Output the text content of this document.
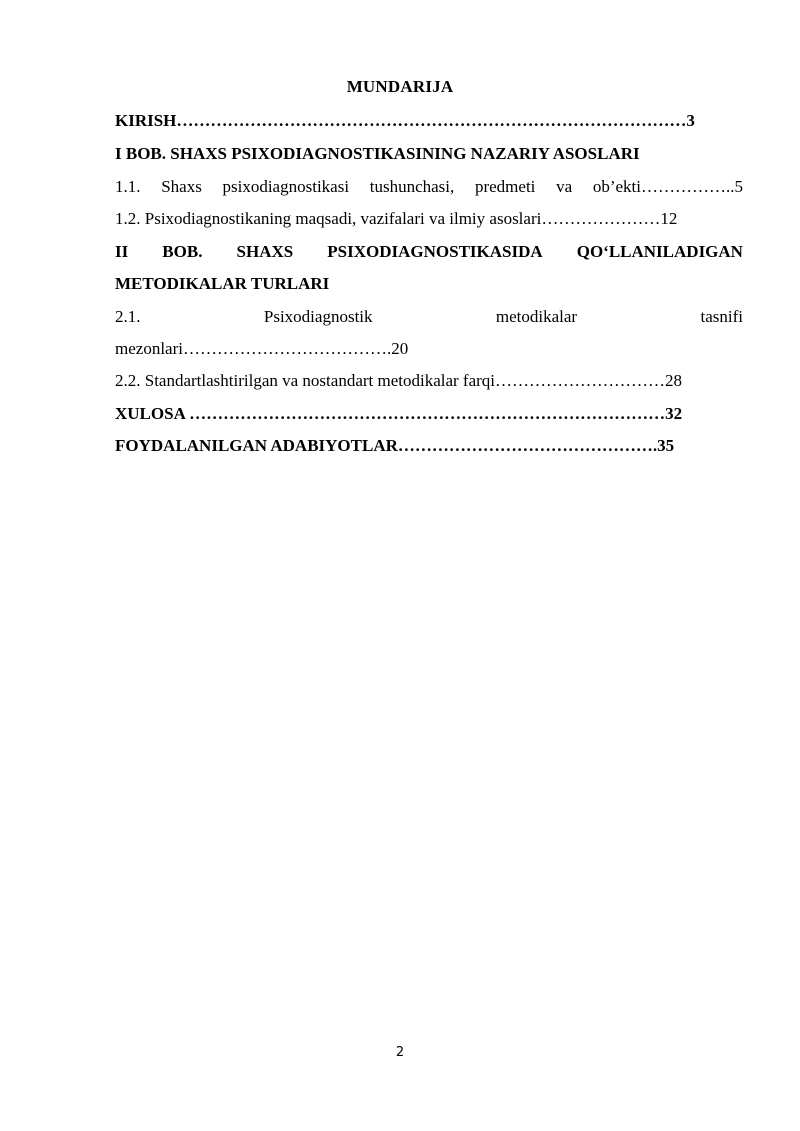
MUNDARIJA
KIRISH………………………………………………………………………………3
I BOB. SHAXS PSIXODIAGNOSTIKASINING NAZARIY ASOSLARI
1.1. Shaxs psixodiagnostikasi tushunchasi, predmeti va ob’ekti……………..5
1.2. Psixodiagnostikaning maqsadi, vazifalari va ilmiy asoslari…………………12
II BOB. SHAXS PSIXODIAGNOSTIKASIDA QO‘LLANILADIGAN
METODIKALAR TURLARI
2.1.	Psixodiagnostik	metodikalar	tasnifi
mezonlari……………………………….20
2.2. Standartlashtirilgan va nostandart metodikalar farqi…………………………28
XULOSA …………………………………………………………………………32
FOYDALANILGAN ADABIYOTLAR……………………………………….35
2
